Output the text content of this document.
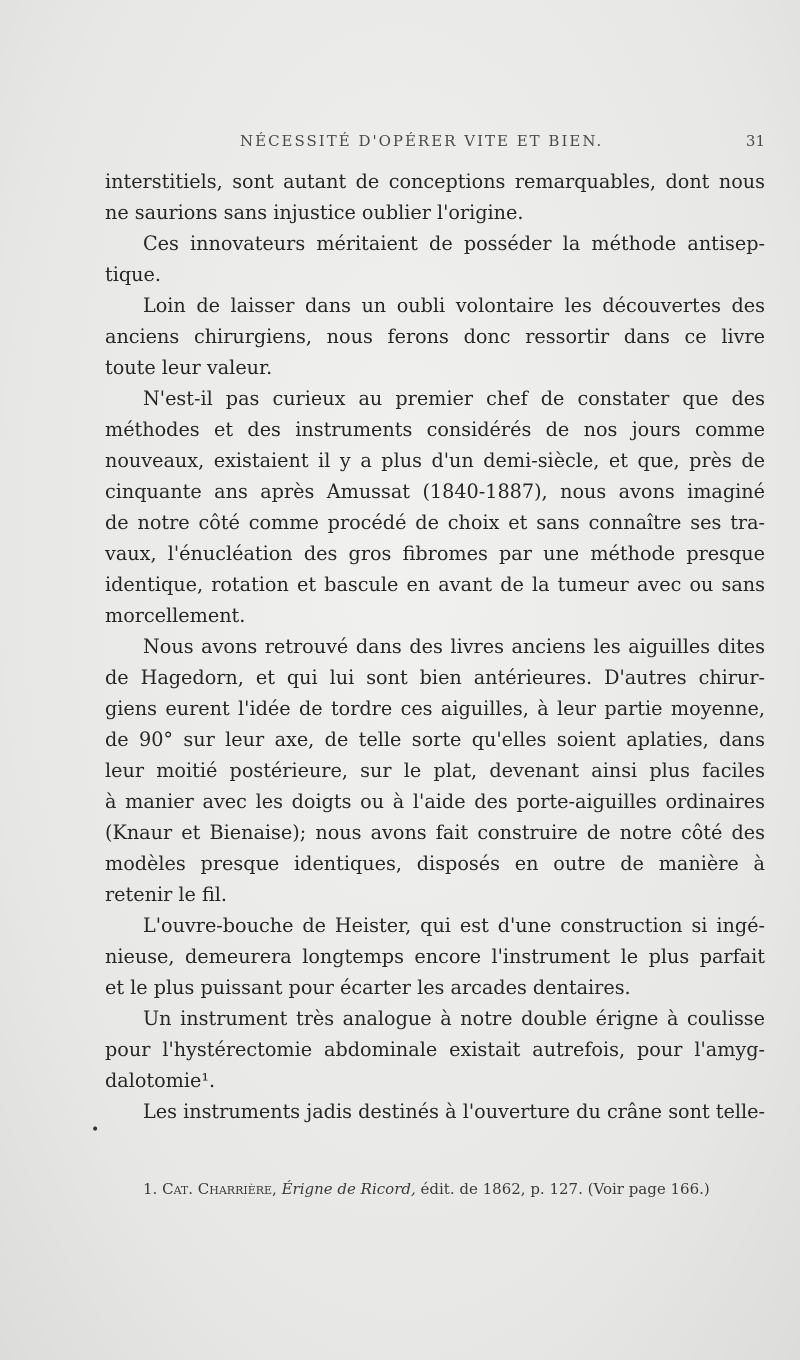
NÉCESSITÉ D'OPÉRER VITE ET BIEN.	31
interstitiels, sont autant de conceptions remarquables, dont nous
ne saurions sans injustice oublier l'origine.
Ces innovateurs méritaient de posséder la méthode antisep-
tique.
Loin de laisser dans un oubli volontaire les découvertes des
anciens chirurgiens, nous ferons donc ressortir dans ce livre
toute leur valeur.
N'est-il pas curieux au premier chef de constater que des
méthodes et des instruments considérés de nos jours comme
nouveaux, existaient il y a plus d'un demi-siècle, et que, près de
cinquante ans après Amussat (1840-1887), nous avons imaginé
de notre côté comme procédé de choix et sans connaître ses tra-
vaux, l'énucléation des gros fibromes par une méthode presque
identique, rotation et bascule en avant de la tumeur avec ou sans
morcellement.
Nous avons retrouvé dans des livres anciens les aiguilles dites
de Hagedorn, et qui lui sont bien antérieures. D'autres chirur-
giens eurent l'idée de tordre ces aiguilles, à leur partie moyenne,
de 90° sur leur axe, de telle sorte qu'elles soient aplaties, dans
leur moitié postérieure, sur le plat, devenant ainsi plus faciles
à manier avec les doigts ou à l'aide des porte-aiguilles ordinaires
(Knaur et Bienaise); nous avons fait construire de notre côté des
modèles presque identiques, disposés en outre de manière à
retenir le fil.
L'ouvre-bouche de Heister, qui est d'une construction si ingé-
nieuse, demeurera longtemps encore l'instrument le plus parfait
et le plus puissant pour écarter les arcades dentaires.
Un instrument très analogue à notre double érigne à coulisse
pour l'hystérectomie abdominale existait autrefois, pour l'amyg-
dalotomie¹.
Les instruments jadis destinés à l'ouverture du crâne sont telle-
•
1. Cat. Charrière, Érigne de Ricord, édit. de 1862, p. 127. (Voir page 166.)
